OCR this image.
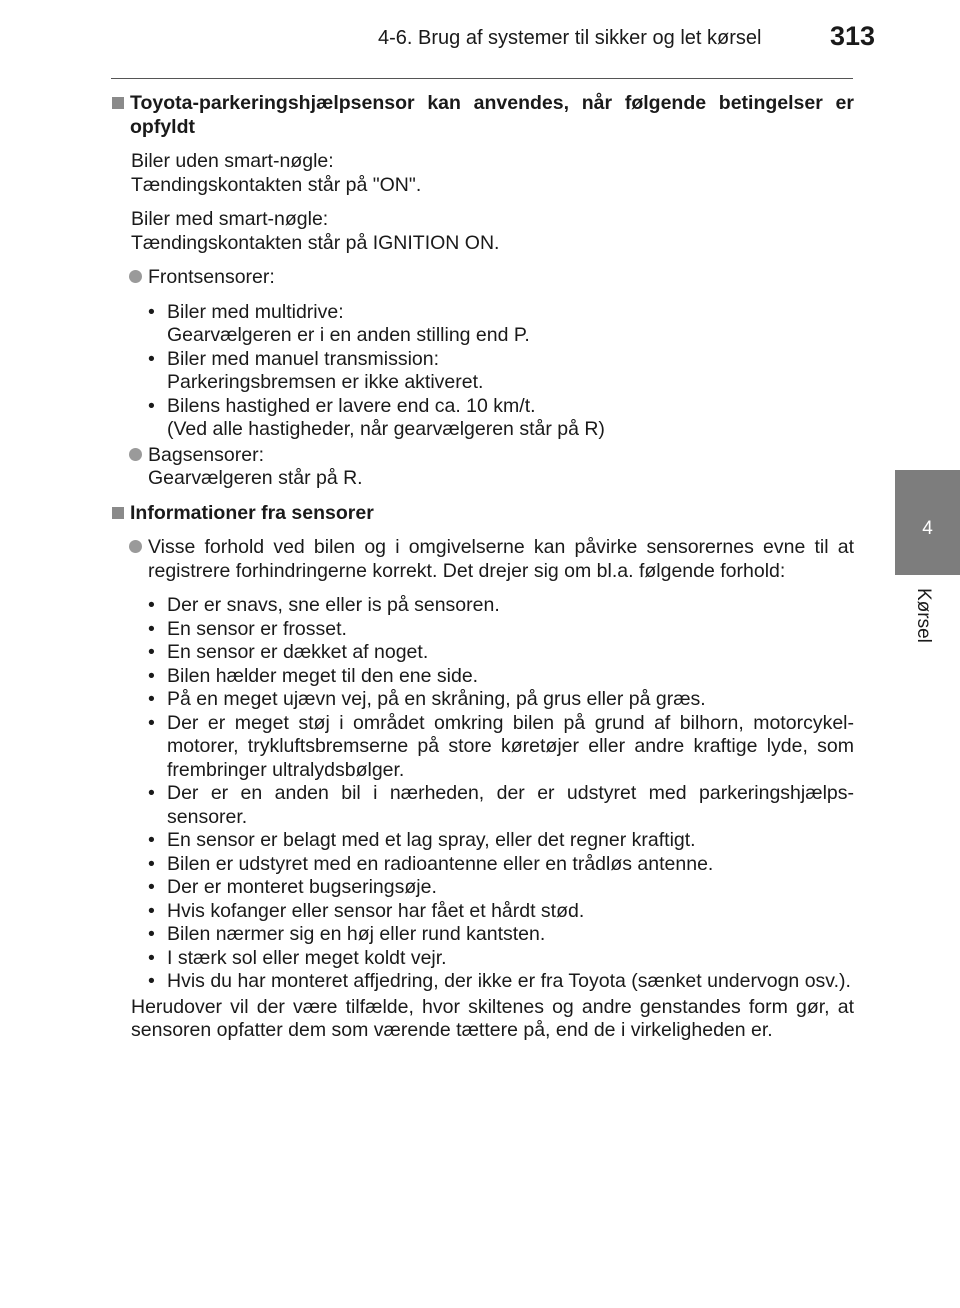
4-6. Brug af systemer til sikker og let kørsel	313
4
Kørsel
Toyota-parkeringshjælpsensor kan anvendes, når følgende betingelser er opfyldt
Biler uden smart-nøgle:
Tændingskontakten står på "ON".
Biler med smart-nøgle:
Tændingskontakten står på IGNITION ON.
Frontsensorer:
• Biler med multidrive:
Gearvælgeren er i en anden stilling end P.
• Biler med manuel transmission:
Parkeringsbremsen er ikke aktiveret.
• Bilens hastighed er lavere end ca. 10 km/t.
(Ved alle hastigheder, når gearvælgeren står på R)
Bagsensorer:
Gearvælgeren står på R.
Informationer fra sensorer
Visse forhold ved bilen og i omgivelserne kan påvirke sensorernes evne til at registrere forhindringerne korrekt. Det drejer sig om bl.a. følgende forhold:
• Der er snavs, sne eller is på sensoren.
• En sensor er frosset.
• En sensor er dækket af noget.
• Bilen hælder meget til den ene side.
• På en meget ujævn vej, på en skråning, på grus eller på græs.
• Der er meget støj i området omkring bilen på grund af bilhorn, motorcykel-motorer, trykluftsbremserne på store køretøjer eller andre kraftige lyde, som frembringer ultralydsbølger.
• Der er en anden bil i nærheden, der er udstyret med parkeringshjælps-sensorer.
• En sensor er belagt med et lag spray, eller det regner kraftigt.
• Bilen er udstyret med en radioantenne eller en trådløs antenne.
• Der er monteret bugseringsøje.
• Hvis kofanger eller sensor har fået et hårdt stød.
• Bilen nærmer sig en høj eller rund kantsten.
• I stærk sol eller meget koldt vejr.
• Hvis du har monteret affjedring, der ikke er fra Toyota (sænket undervogn osv.).
Herudover vil der være tilfælde, hvor skiltenes og andre genstandes form gør, at sensoren opfatter dem som værende tættere på, end de i virkeligheden er.
